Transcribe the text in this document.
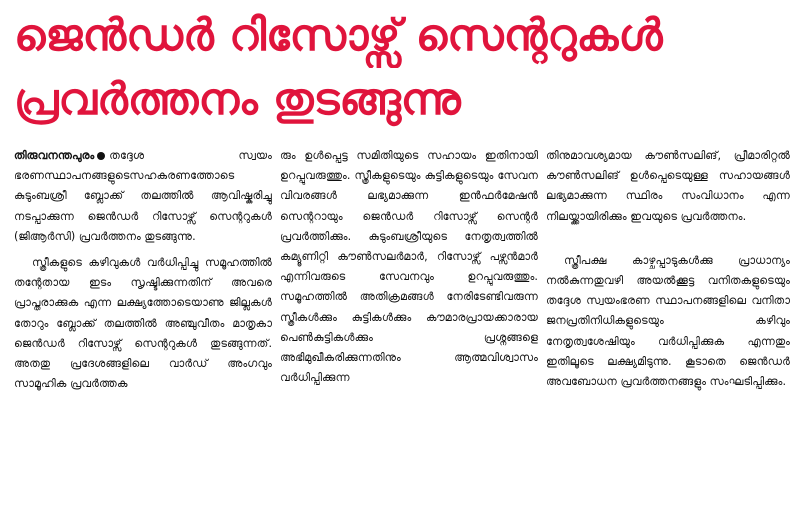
ജെൻഡർ റിസോഴ്സ് സെന്ററുകൾ
പ്രവർത്തനം തുടങ്ങുന്നു

തിരുവനന്തപുരം തദ്ദേശ സ്വയം ഭരണസ്ഥാപനങ്ങളുടെസഹകരണത്തോടെ കുടുംബശ്രീ ബ്ലോക്ക് തലത്തിൽ ആവിഷ്കരിച്ചു നടപ്പാക്കുന്ന ജെൻഡർ റിസോഴ്സ് സെന്ററുകൾ (ജിആർസി) പ്രവർത്തനം തുടങ്ങുന്നു.

സ്ത്രീകളുടെ കഴിവുകൾ വർധിപ്പിച്ചു സമൂഹത്തിൽ തന്റേതായ ഇടം സൃഷ്ടിക്കുന്നതിന് അവരെ പ്രാപ്തരാക്കുക എന്ന ലക്ഷ്യത്തോടെയാണു ജില്ലകൾ തോറും ബ്ലോക്ക് തലത്തിൽ അഞ്ചുവീതം മാതൃകാ ജെൻഡർ റിസോഴ്സ് സെന്ററുകൾ തുടങ്ങുന്നത്. അതതു പ്രദേശങ്ങളിലെ വാർഡ് അംഗവും സാമൂഹിക പ്രവർത്തക

രും ഉൾപ്പെട്ട സമിതിയുടെ സഹായം ഇതിനായി ഉറപ്പുവരുത്തും. സ്ത്രീകളുടെയും കുട്ടികളുടെയും സേവന വിവരങ്ങൾ ലഭ്യമാക്കുന്ന ഇൻഫർമേഷൻ സെന്ററായും ജെൻഡർ റിസോഴ്സ് സെന്റർ പ്രവർത്തിക്കും. കുടുംബശ്രീയുടെ നേതൃത്വത്തിൽ കമ്യൂണിറ്റി കൗൺസലർമാർ, റിസോഴ്സ് പഴ്സൻമാർ എന്നിവരുടെ സേവനവും ഉറപ്പുവരുത്തും. സമൂഹത്തിൽ അതിക്രമങ്ങൾ നേരിടേണ്ടിവരുന്ന സ്ത്രീകൾക്കും കുട്ടികൾക്കും കൗമാരപ്രായക്കാരായ പെൺകുട്ടികൾക്കും പ്രശ്നങ്ങളെ അഭിമുഖീകരിക്കുന്നതിനും ആത്മവിശ്വാസം വർധിപ്പിക്കുന്ന

തിനുമാവശ്യമായ കൗൺസലിങ്, പ്രീമാരിറ്റൽ കൗൺസലിങ് ഉൾപ്പെടെയുള്ള സഹായങ്ങൾ ലഭ്യമാക്കുന്ന സ്ഥിരം സംവിധാനം എന്ന നിലയ്ക്കായിരിക്കും ഇവയുടെ പ്രവർത്തനം.

സ്ത്രീപക്ഷ കാഴ്ചപ്പാടുകൾക്കു പ്രാധാന്യം നൽകുന്നതുവഴി അയൽക്കൂട്ട വനിതകളുടെയും തദ്ദേശ സ്വയംഭരണ സ്ഥാപനങ്ങളിലെ വനിതാ ജനപ്രതിനിധികളുടെയും കഴിവും നേതൃത്വശേഷിയും വർധിപ്പിക്കുക എന്നതും ഇതിലൂടെ ലക്ഷ്യമിടുന്നു. കൂടാതെ ജെൻഡർ അവബോധന പ്രവർത്തനങ്ങളും സംഘടിപ്പിക്കും.
